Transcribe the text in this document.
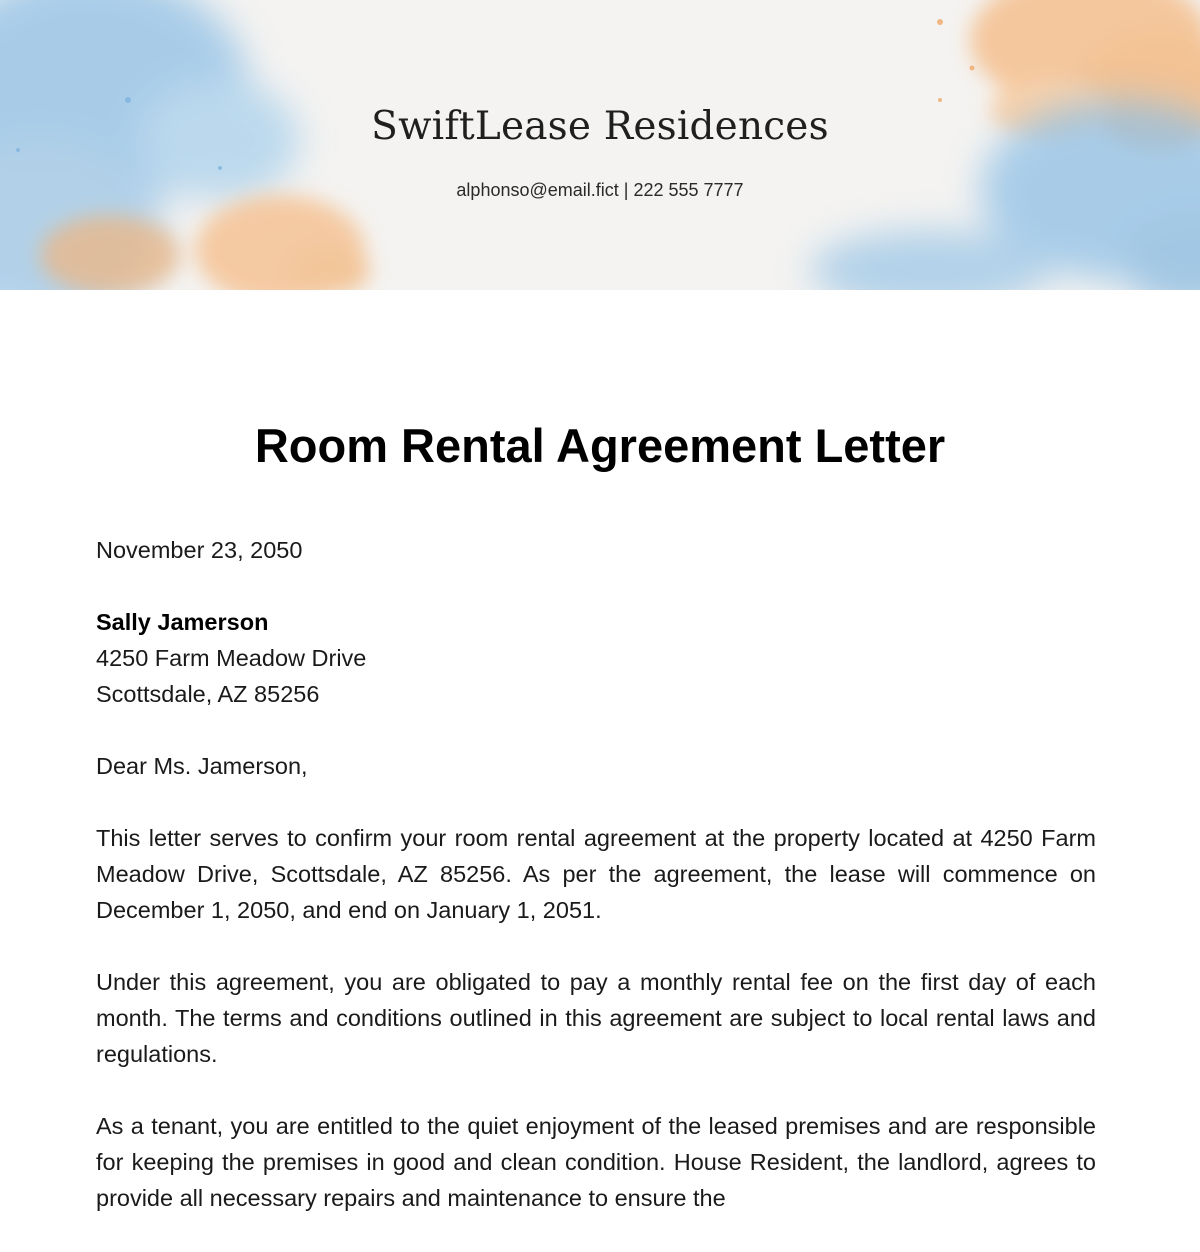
SwiftLease Residences

alphonso@email.fict | 222 555 7777

Room Rental Agreement Letter

November 23, 2050

Sally Jamerson

4250 Farm Meadow Drive

Scottsdale, AZ 85256

Dear Ms. Jamerson,

This letter serves to confirm your room rental agreement at the property located at 4250 Farm Meadow Drive, Scottsdale, AZ 85256. As per the agreement, the lease will commence on December 1, 2050, and end on January 1, 2051.

Under this agreement, you are obligated to pay a monthly rental fee on the first day of each month. The terms and conditions outlined in this agreement are subject to local rental laws and regulations.

As a tenant, you are entitled to the quiet enjoyment of the leased premises and are responsible for keeping the premises in good and clean condition. House Resident, the landlord, agrees to provide all necessary repairs and maintenance to ensure the
